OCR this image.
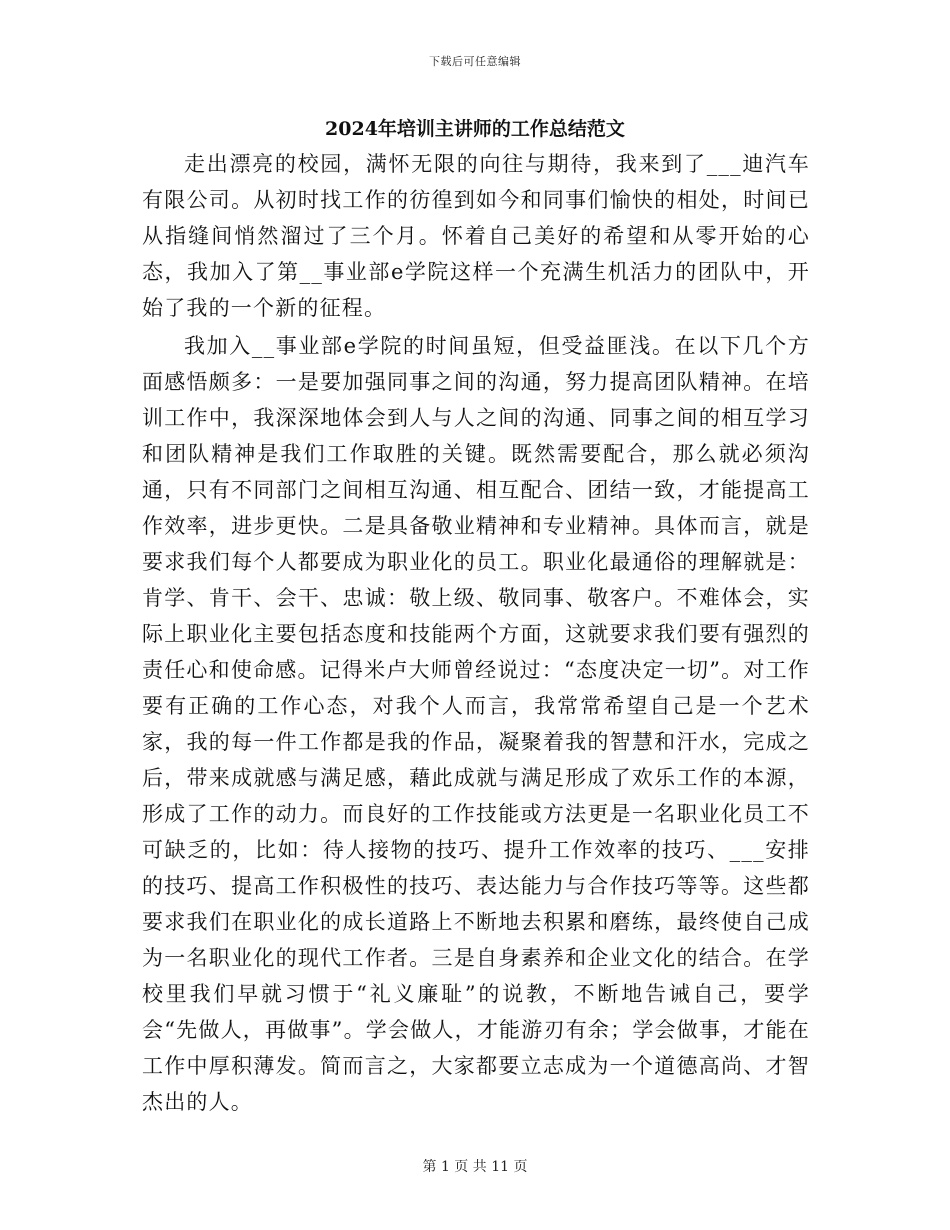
下载后可任意编辑
2024年培训主讲师的工作总结范文

走出漂亮的校园，满怀无限的向往与期待，我来到了___迪汽车有限公司。从初时找工作的彷徨到如今和同事们愉快的相处，时间已从指缝间悄然溜过了三个月。怀着自己美好的希望和从零开始的心态，我加入了第__事业部e学院这样一个充满生机活力的团队中，开始了我的一个新的征程。

我加入__事业部e学院的时间虽短，但受益匪浅。在以下几个方面感悟颇多：一是要加强同事之间的沟通，努力提高团队精神。在培训工作中，我深深地体会到人与人之间的沟通、同事之间的相互学习和团队精神是我们工作取胜的关键。既然需要配合，那么就必须沟通，只有不同部门之间相互沟通、相互配合、团结一致，才能提高工作效率，进步更快。二是具备敬业精神和专业精神。具体而言，就是要求我们每个人都要成为职业化的员工。职业化最通俗的理解就是：肯学、肯干、会干、忠诚：敬上级、敬同事、敬客户。不难体会，实际上职业化主要包括态度和技能两个方面，这就要求我们要有强烈的责任心和使命感。记得米卢大师曾经说过：“态度决定一切”。对工作要有正确的工作心态，对我个人而言，我常常希望自己是一个艺术家，我的每一件工作都是我的作品，凝聚着我的智慧和汗水，完成之后，带来成就感与满足感，藉此成就与满足形成了欢乐工作的本源，形成了工作的动力。而良好的工作技能或方法更是一名职业化员工不可缺乏的，比如：待人接物的技巧、提升工作效率的技巧、___安排的技巧、提高工作积极性的技巧、表达能力与合作技巧等等。这些都要求我们在职业化的成长道路上不断地去积累和磨练，最终使自己成为一名职业化的现代工作者。三是自身素养和企业文化的结合。在学校里我们早就习惯于“礼义廉耻”的说教，不断地告诫自己，要学会“先做人，再做事”。学会做人，才能游刃有余；学会做事，才能在工作中厚积薄发。简而言之，大家都要立志成为一个道德高尚、才智杰出的人。

第 1 页 共 11 页
